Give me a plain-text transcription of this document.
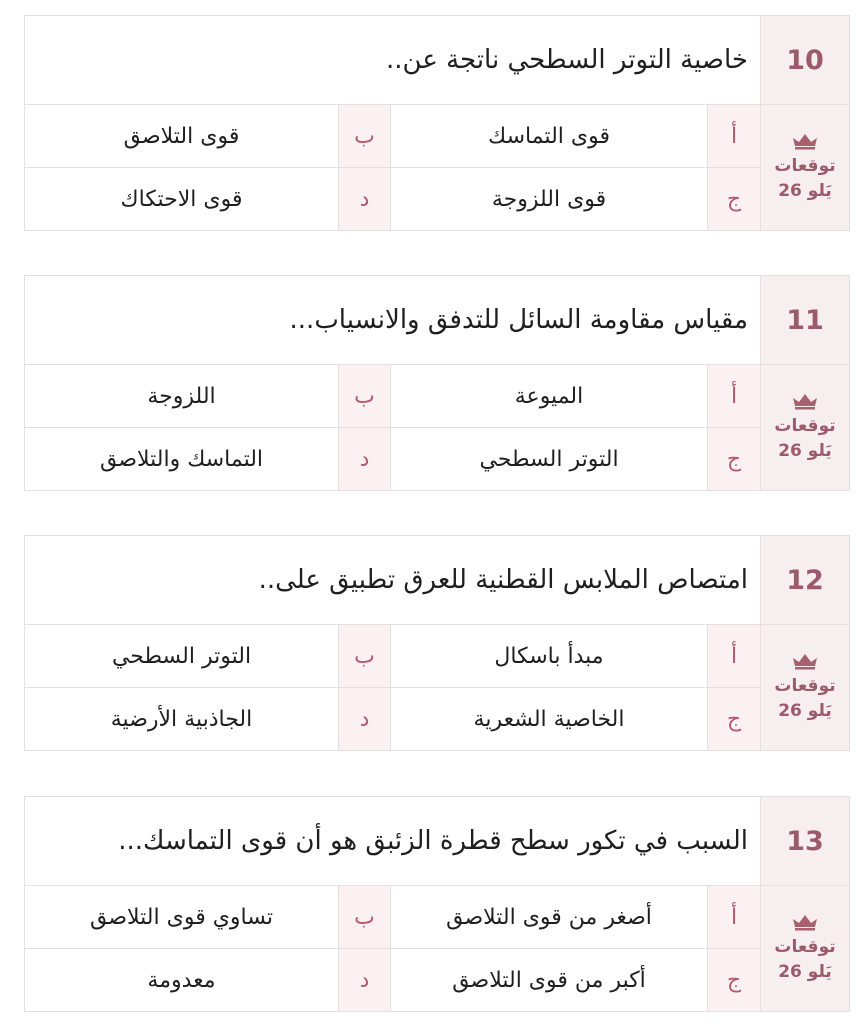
10
توقعات
يَلو 26
خاصية التوتر السطحي ناتجة عن..
أ
قوى التماسك
ب
قوى التلاصق
ج
قوى اللزوجة
د
قوى الاحتكاك
11
توقعات
يَلو 26
مقياس مقاومة السائل للتدفق والانسياب...
أ
الميوعة
ب
اللزوجة
ج
التوتر السطحي
د
التماسك والتلاصق
12
توقعات
يَلو 26
امتصاص الملابس القطنية للعرق تطبيق على..
أ
مبدأ باسكال
ب
التوتر السطحي
ج
الخاصية الشعرية
د
الجاذبية الأرضية
13
توقعات
يَلو 26
السبب في تكور سطح قطرة الزئبق هو أن قوى التماسك...
أ
أصغر من قوى التلاصق
ب
تساوي قوى التلاصق
ج
أكبر من قوى التلاصق
د
معدومة
